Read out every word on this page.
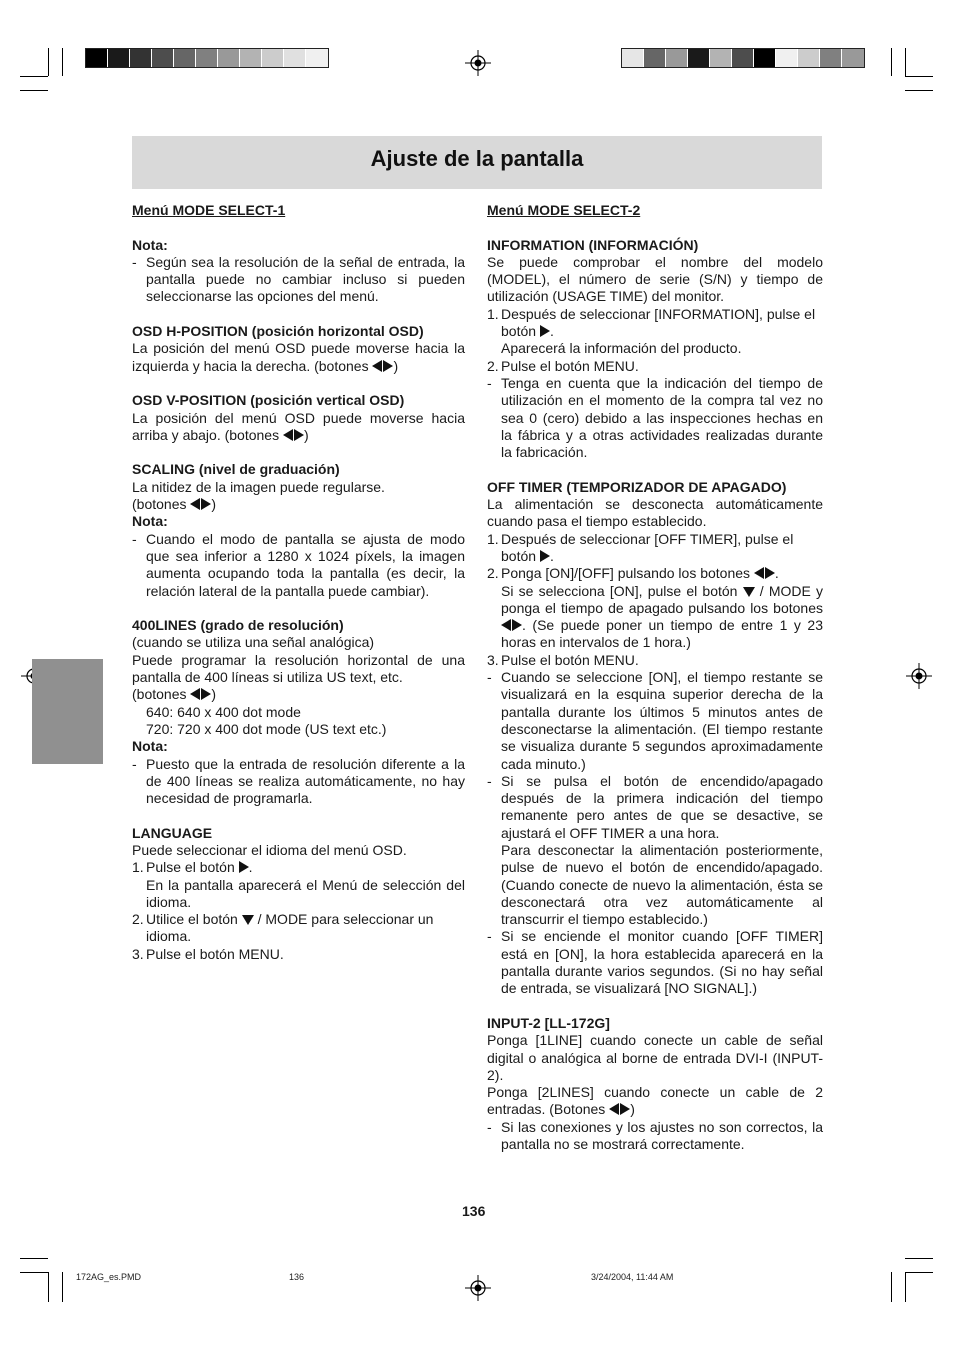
Ajuste de la pantalla

Menú MODE SELECT-1

Nota:

- Según sea la resolución de la señal de entrada, la pantalla puede no cambiar incluso si pueden seleccionarse las opciones del menú.

OSD H-POSITION (posición horizontal OSD)

La posición del menú OSD puede moverse hacia la izquierda y hacia la derecha. (botones )

OSD V-POSITION (posición vertical OSD)

La posición del menú OSD puede moverse hacia arriba y abajo. (botones )

SCALING (nivel de graduación)

La nitidez de la imagen puede regularse.

(botones )

Nota:

- Cuando el modo de pantalla se ajusta de modo que sea inferior a 1280 x 1024 píxels, la imagen aumenta ocupando toda la pantalla (es decir, la relación lateral de la pantalla puede cambiar).

400LINES (grado de resolución)

(cuando se utiliza una señal analógica)

Puede programar la resolución horizontal de una pantalla de 400 líneas si utiliza US text, etc.

(botones )

640: 640 x 400 dot mode

720: 720 x 400 dot mode (US text etc.)

Nota:

- Puesto que la entrada de resolución diferente a la de 400 líneas se realiza automáticamente, no hay necesidad de programarla.

LANGUAGE

Puede seleccionar el idioma del menú OSD.

1. Pulse el botón .

En la pantalla aparecerá el Menú de selección del idioma.

2. Utilice el botón / MODE para seleccionar un idioma.
3. Pulse el botón MENU.

Menú MODE SELECT-2

INFORMATION (INFORMACIÓN)

Se puede comprobar el nombre del modelo (MODEL), el número de serie (S/N) y tiempo de utilización (USAGE TIME) del monitor.

1. Después de seleccionar [INFORMATION], pulse el botón .

Aparecerá la información del producto.

2. Pulse el botón MENU.
- Tenga en cuenta que la indicación del tiempo de utilización en el momento de la compra tal vez no sea 0 (cero) debido a las inspecciones hechas en la fábrica y a otras actividades realizadas durante la fabricación.

OFF TIMER (TEMPORIZADOR DE APAGADO)

La alimentación se desconecta automáticamente cuando pasa el tiempo establecido.

1. Después de seleccionar [OFF TIMER], pulse el botón .
2. Ponga [ON]/[OFF] pulsando los botones .

Si se selecciona [ON], pulse el botón / MODE y ponga el tiempo de apagado pulsando los botones . (Se puede poner un tiempo de entre 1 y 23 horas en intervalos de 1 hora.)

3. Pulse el botón MENU.
- Cuando se seleccione [ON], el tiempo restante se visualizará en la esquina superior derecha de la pantalla durante los últimos 5 minutos antes de desconectarse la alimentación. (El tiempo restante se visualiza durante 5 segundos aproximadamente cada minuto.)
- Si se pulsa el botón de encendido/apagado después de la primera indicación del tiempo remanente pero antes de que se desactive, se ajustará el OFF TIMER a una hora.

Para desconectar la alimentación posteriormente, pulse de nuevo el botón de encendido/apagado. (Cuando conecte de nuevo la alimentación, ésta se desconectará otra vez automáticamente al transcurrir el tiempo establecido.)

- Si se enciende el monitor cuando [OFF TIMER] está en [ON], la hora establecida aparecerá en la pantalla durante varios segundos. (Si no hay señal de entrada, se visualizará [NO SIGNAL].)

INPUT-2 [LL-172G]

Ponga [1LINE] cuando conecte un cable de señal digital o analógica al borne de entrada DVI-I (INPUT-2).

Ponga [2LINES] cuando conecte un cable de 2 entradas. (Botones )

- Si las conexiones y los ajustes no son correctos, la pantalla no se mostrará correctamente.
136
172AG_es.PMD	136	3/24/2004, 11:44 AM
